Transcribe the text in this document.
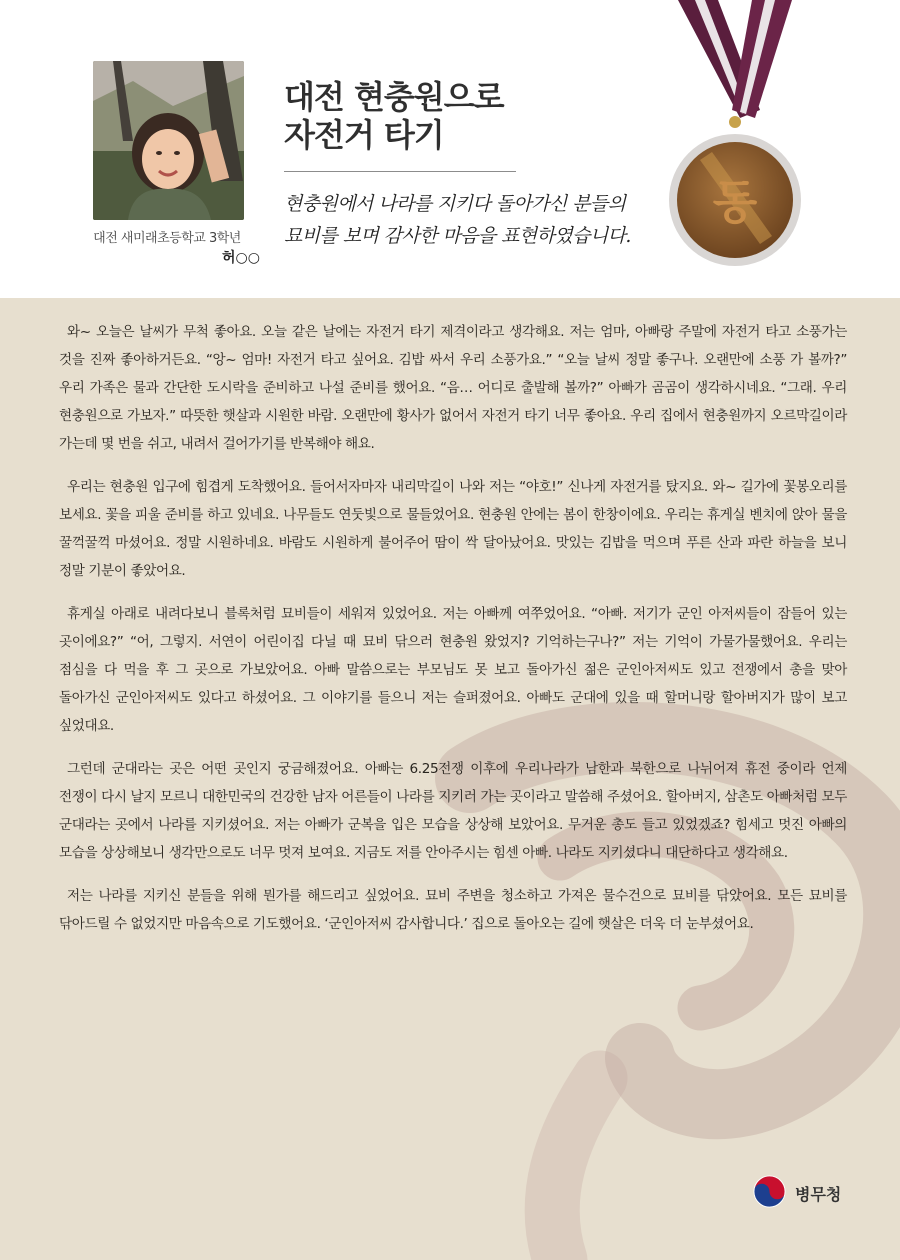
대전 새미래초등학교 3학년
허○○
대전 현충원으로
자전거 타기
현충원에서 나라를 지키다 돌아가신 분들의
묘비를 보며 감사한 마음을 표현하였습니다.
동

와~ 오늘은 날씨가 무척 좋아요. 오늘 같은 날에는 자전거 타기 제격이라고 생각해요. 저는 엄마, 아빠랑 주말에 자전거 타고 소풍가는 것을 진짜 좋아하거든요. “앙~ 엄마! 자전거 타고 싶어요. 김밥 싸서 우리 소풍가요.” “오늘 날씨 정말 좋구나. 오랜만에 소풍 가 볼까?” 우리 가족은 물과 간단한 도시락을 준비하고 나설 준비를 했어요. “음… 어디로 출발해 볼까?” 아빠가 곰곰이 생각하시네요. “그래. 우리 현충원으로 가보자.” 따뜻한 햇살과 시원한 바람. 오랜만에 황사가 없어서 자전거 타기 너무 좋아요. 우리 집에서 현충원까지 오르막길이라 가는데 몇 번을 쉬고, 내려서 걸어가기를 반복해야 해요.

우리는 현충원 입구에 힘겹게 도착했어요. 들어서자마자 내리막길이 나와 저는 “야호!” 신나게 자전거를 탔지요. 와~ 길가에 꽃봉오리를 보세요. 꽃을 피울 준비를 하고 있네요. 나무들도 연둣빛으로 물들었어요. 현충원 안에는 봄이 한창이에요. 우리는 휴게실 벤치에 앉아 물을 꿀꺽꿀꺽 마셨어요. 정말 시원하네요. 바람도 시원하게 불어주어 땀이 싹 달아났어요. 맛있는 김밥을 먹으며 푸른 산과 파란 하늘을 보니 정말 기분이 좋았어요.

휴게실 아래로 내려다보니 블록처럼 묘비들이 세워져 있었어요. 저는 아빠께 여쭈었어요. “아빠. 저기가 군인 아저씨들이 잠들어 있는 곳이에요?” “어, 그렇지. 서연이 어린이집 다닐 때 묘비 닦으러 현충원 왔었지? 기억하는구나?” 저는 기억이 가물가물했어요. 우리는 점심을 다 먹을 후 그 곳으로 가보았어요. 아빠 말씀으로는 부모님도 못 보고 돌아가신 젊은 군인아저씨도 있고 전쟁에서 총을 맞아 돌아가신 군인아저씨도 있다고 하셨어요. 그 이야기를 들으니 저는 슬퍼졌어요. 아빠도 군대에 있을 때 할머니랑 할아버지가 많이 보고 싶었대요.

그런데 군대라는 곳은 어떤 곳인지 궁금해졌어요. 아빠는 6.25전쟁 이후에 우리나라가 남한과 북한으로 나뉘어져 휴전 중이라 언제 전쟁이 다시 날지 모르니 대한민국의 건강한 남자 어른들이 나라를 지키러 가는 곳이라고 말씀해 주셨어요. 할아버지, 삼촌도 아빠처럼 모두 군대라는 곳에서 나라를 지키셨어요. 저는 아빠가 군복을 입은 모습을 상상해 보았어요. 무거운 총도 들고 있었겠죠? 힘세고 멋진 아빠의 모습을 상상해보니 생각만으로도 너무 멋져 보여요. 지금도 저를 안아주시는 힘센 아빠. 나라도 지키셨다니 대단하다고 생각해요.

저는 나라를 지키신 분들을 위해 뭔가를 해드리고 싶었어요. 묘비 주변을 청소하고 가져온 물수건으로 묘비를 닦았어요. 모든 묘비를 닦아드릴 수 없었지만 마음속으로 기도했어요. ‘군인아저씨 감사합니다.’ 집으로 돌아오는 길에 햇살은 더욱 더 눈부셨어요.

병무청
